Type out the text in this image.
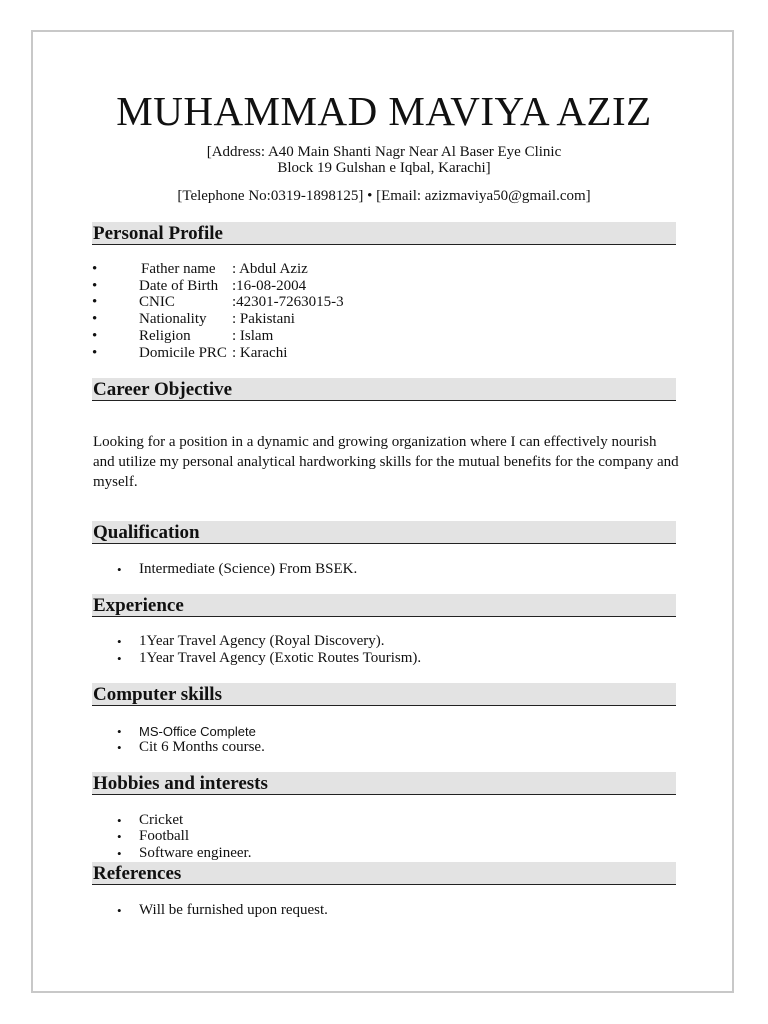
MUHAMMAD MAVIYA AZIZ

[Address: A40 Main Shanti Nagr Near Al Baser Eye Clinic

Block 19 Gulshan e Iqbal, Karachi]

[Telephone No:0319-1898125] • [Email: azizmaviya50@gmail.com]

Personal Profile
•	Father name : Abdul Aziz
•	Date of Birth :16-08-2004
•	CNIC	:42301-7263015-3
•	Nationality : Pakistani
•	Religion	: Islam
•	Domicile PRC : Karachi
Career Objective

Looking for a position in a dynamic and growing organization where I can effectively nourish and utilize my personal analytical hardworking skills for the mutual benefits for the company and myself.

Qualification
• Intermediate (Science) From BSEK.
Experience
• 1Year Travel Agency (Royal Discovery).
• 1Year Travel Agency (Exotic Routes Tourism).
Computer skills
• MS-Office Complete
• Cit 6 Months course.
Hobbies and interests
• Cricket
• Football
• Software engineer.
References
• Will be furnished upon request.
